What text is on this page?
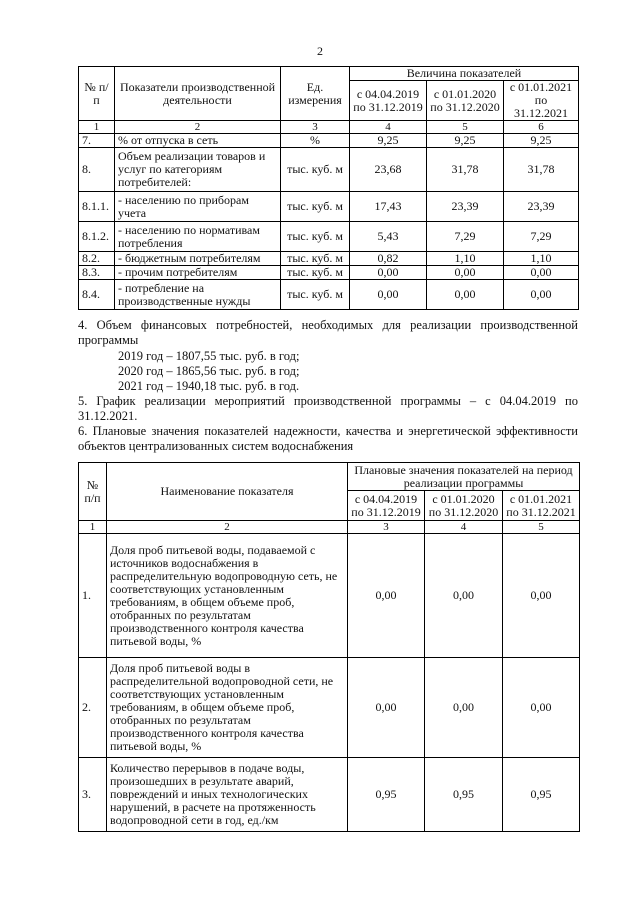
2
№ п/п	Показатели производственной деятельности	Ед. измерения	Величина показателей		
			с 04.04.2019 по 31.12.2019	с 01.01.2020 по 31.12.2020	с 01.01.2021 по 31.12.2021
1	2	3	4	5	6
7.	% от отпуска в сеть	%	9,25	9,25	9,25
8.	Объем реализации товаров и услуг по категориям потребителей:	тыс. куб. м	23,68	31,78	31,78
8.1.1.	- населению по приборам учета	тыс. куб. м	17,43	23,39	23,39
8.1.2.	- населению по нормативам потребления	тыс. куб. м	5,43	7,29	7,29
8.2.	- бюджетным потребителям	тыс. куб. м	0,82	1,10	1,10
8.3.	- прочим потребителям	тыс. куб. м	0,00	0,00	0,00
8.4.	- потребление на производственные нужды	тыс. куб. м	0,00	0,00	0,00
4. Объем финансовых потребностей, необходимых для реализации производственной программы
2019 год – 1807,55 тыс. руб. в год;
2020 год – 1865,56 тыс. руб. в год;
2021 год – 1940,18 тыс. руб. в год.
5. График реализации мероприятий производственной программы – с 04.04.2019 по 31.12.2021.
6. Плановые значения показателей надежности, качества и энергетической эффективности объектов централизованных систем водоснабжения
№ п/п	Наименование показателя	Плановые значения показателей на период реализации программы		
		с 04.04.2019 по 31.12.2019	с 01.01.2020 по 31.12.2020	с 01.01.2021 по 31.12.2021
1	2	3	4	5
1.	Доля проб питьевой воды, подаваемой с источников водоснабжения в распределительную водопроводную сеть, не соответствующих установленным требованиям, в общем объеме проб, отобранных по результатам производственного контроля качества питьевой воды, %	0,00	0,00	0,00
2.	Доля проб питьевой воды в распределительной водопроводной сети, не соответствующих установленным требованиям, в общем объеме проб, отобранных по результатам производственного контроля качества питьевой воды, %	0,00	0,00	0,00
3.	Количество перерывов в подаче воды, произошедших в результате аварий, повреждений и иных технологических нарушений, в расчете на протяженность водопроводной сети в год, ед./км	0,95	0,95	0,95
